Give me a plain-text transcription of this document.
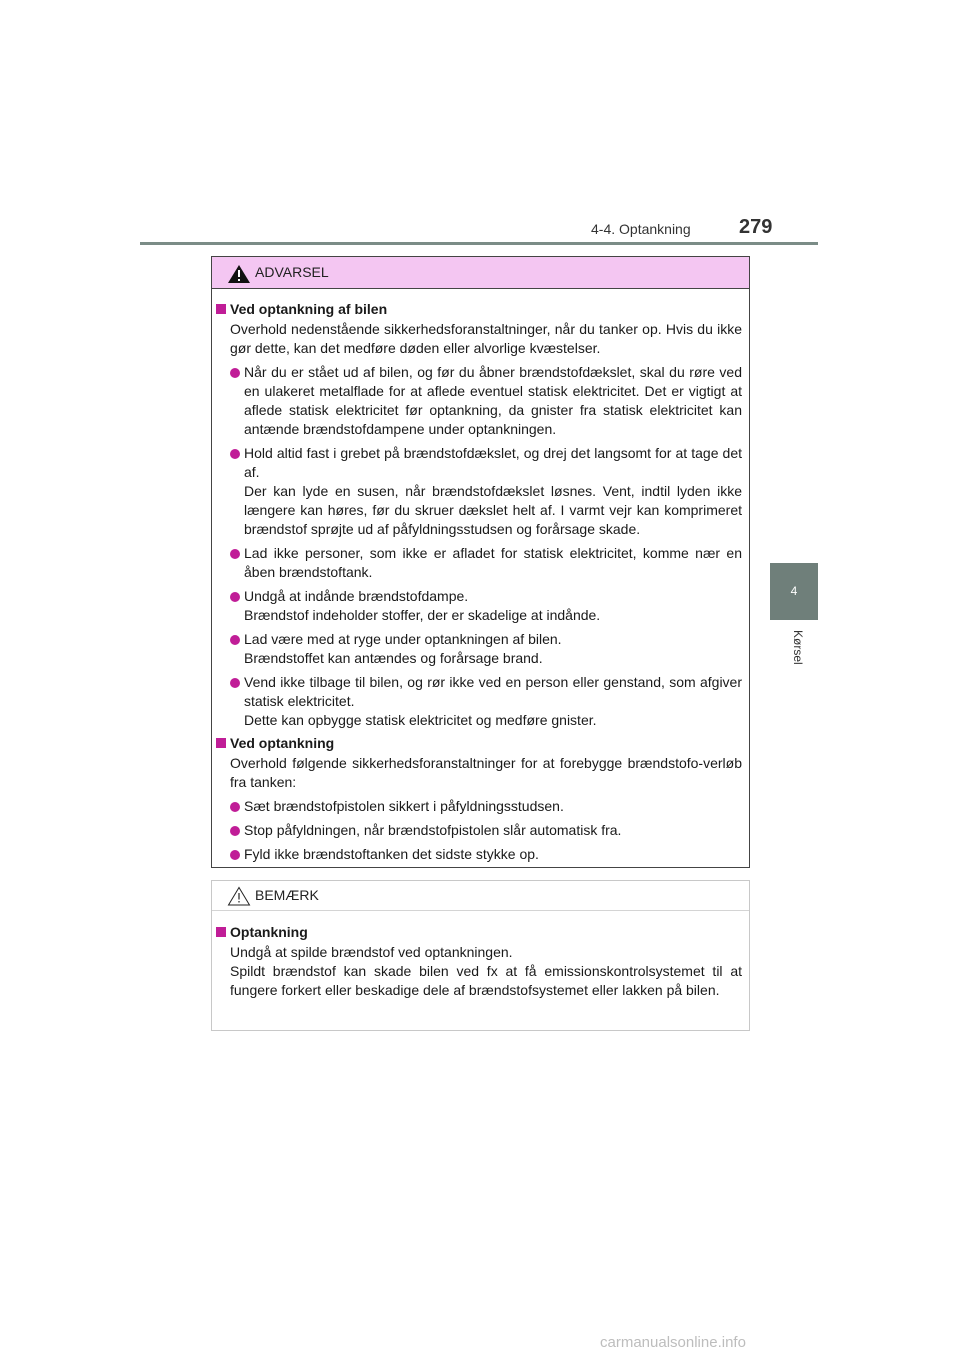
4-4. Optankning	279
4
Kørsel
ADVARSEL
Ved optankning af bilen

Overhold nedenstående sikkerhedsforanstaltninger, når du tanker op. Hvis du ikke gør dette, kan det medføre døden eller alvorlige kvæstelser.

Når du er stået ud af bilen, og før du åbner brændstofdækslet, skal du røre ved en ulakeret metalflade for at aflede eventuel statisk elektricitet. Det er vigtigt at aflede statisk elektricitet før optankning, da gnister fra statisk elektricitet kan antænde brændstofdampene under optankningen.

Hold altid fast i grebet på brændstofdækslet, og drej det langsomt for at tage det af.

Der kan lyde en susen, når brændstofdækslet løsnes. Vent, indtil lyden ikke længere kan høres, før du skruer dækslet helt af. I varmt vejr kan komprimeret brændstof sprøjte ud af påfyldningsstudsen og forårsage skade.

Lad ikke personer, som ikke er afladet for statisk elektricitet, komme nær en åben brændstoftank.

Undgå at indånde brændstofdampe.

Brændstof indeholder stoffer, der er skadelige at indånde.

Lad være med at ryge under optankningen af bilen.

Brændstoffet kan antændes og forårsage brand.

Vend ikke tilbage til bilen, og rør ikke ved en person eller genstand, som afgiver statisk elektricitet.

Dette kan opbygge statisk elektricitet og medføre gnister.

Ved optankning

Overhold følgende sikkerhedsforanstaltninger for at forebygge brændstofo-verløb fra tanken:

Sæt brændstofpistolen sikkert i påfyldningsstudsen.

Stop påfyldningen, når brændstofpistolen slår automatisk fra.

Fyld ikke brændstoftanken det sidste stykke op.

BEMÆRK
Optankning

Undgå at spilde brændstof ved optankningen.

Spildt brændstof kan skade bilen ved fx at få emissionskontrolsystemet til at fungere forkert eller beskadige dele af brændstofsystemet eller lakken på bilen.

carmanualsonline.info
